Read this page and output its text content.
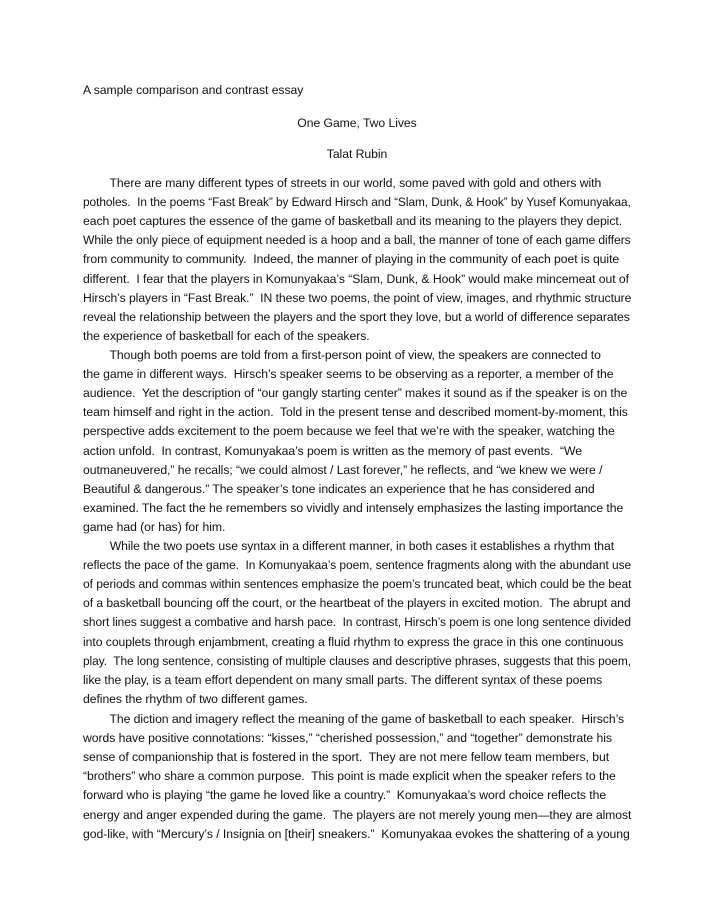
A sample comparison and contrast essay
One Game, Two Lives
Talat Rubin
There are many different types of streets in our world, some paved with gold and others with
potholes.  In the poems “Fast Break” by Edward Hirsch and “Slam, Dunk, & Hook” by Yusef Komunyakaa,
each poet captures the essence of the game of basketball and its meaning to the players they depict.
While the only piece of equipment needed is a hoop and a ball, the manner of tone of each game differs
from community to community.  Indeed, the manner of playing in the community of each poet is quite
different.  I fear that the players in Komunyakaa’s “Slam, Dunk, & Hook” would make mincemeat out of
Hirsch’s players in “Fast Break.”  IN these two poems, the point of view, images, and rhythmic structure
reveal the relationship between the players and the sport they love, but a world of difference separates
the experience of basketball for each of the speakers.
Though both poems are told from a first-person point of view, the speakers are connected to
the game in different ways.  Hirsch’s speaker seems to be observing as a reporter, a member of the
audience.  Yet the description of “our gangly starting center” makes it sound as if the speaker is on the
team himself and right in the action.  Told in the present tense and described moment-by-moment, this
perspective adds excitement to the poem because we feel that we’re with the speaker, watching the
action unfold.  In contrast, Komunyakaa’s poem is written as the memory of past events.  “We
outmaneuvered,” he recalls; “we could almost / Last forever,” he reflects, and “we knew we were /
Beautiful & dangerous.” The speaker’s tone indicates an experience that he has considered and
examined. The fact the he remembers so vividly and intensely emphasizes the lasting importance the
game had (or has) for him.
While the two poets use syntax in a different manner, in both cases it establishes a rhythm that
reflects the pace of the game.  In Komunyakaa’s poem, sentence fragments along with the abundant use
of periods and commas within sentences emphasize the poem’s truncated beat, which could be the beat
of a basketball bouncing off the court, or the heartbeat of the players in excited motion.  The abrupt and
short lines suggest a combative and harsh pace.  In contrast, Hirsch’s poem is one long sentence divided
into couplets through enjambment, creating a fluid rhythm to express the grace in this one continuous
play.  The long sentence, consisting of multiple clauses and descriptive phrases, suggests that this poem,
like the play, is a team effort dependent on many small parts. The different syntax of these poems
defines the rhythm of two different games.
The diction and imagery reflect the meaning of the game of basketball to each speaker.  Hirsch’s
words have positive connotations: “kisses,” “cherished possession,” and “together” demonstrate his
sense of companionship that is fostered in the sport.  They are not mere fellow team members, but
“brothers” who share a common purpose.  This point is made explicit when the speaker refers to the
forward who is playing “the game he loved like a country.”  Komunyakaa’s word choice reflects the
energy and anger expended during the game.  The players are not merely young men—they are almost
god-like, with “Mercury’s / Insignia on [their] sneakers.”  Komunyakaa evokes the shattering of a young
